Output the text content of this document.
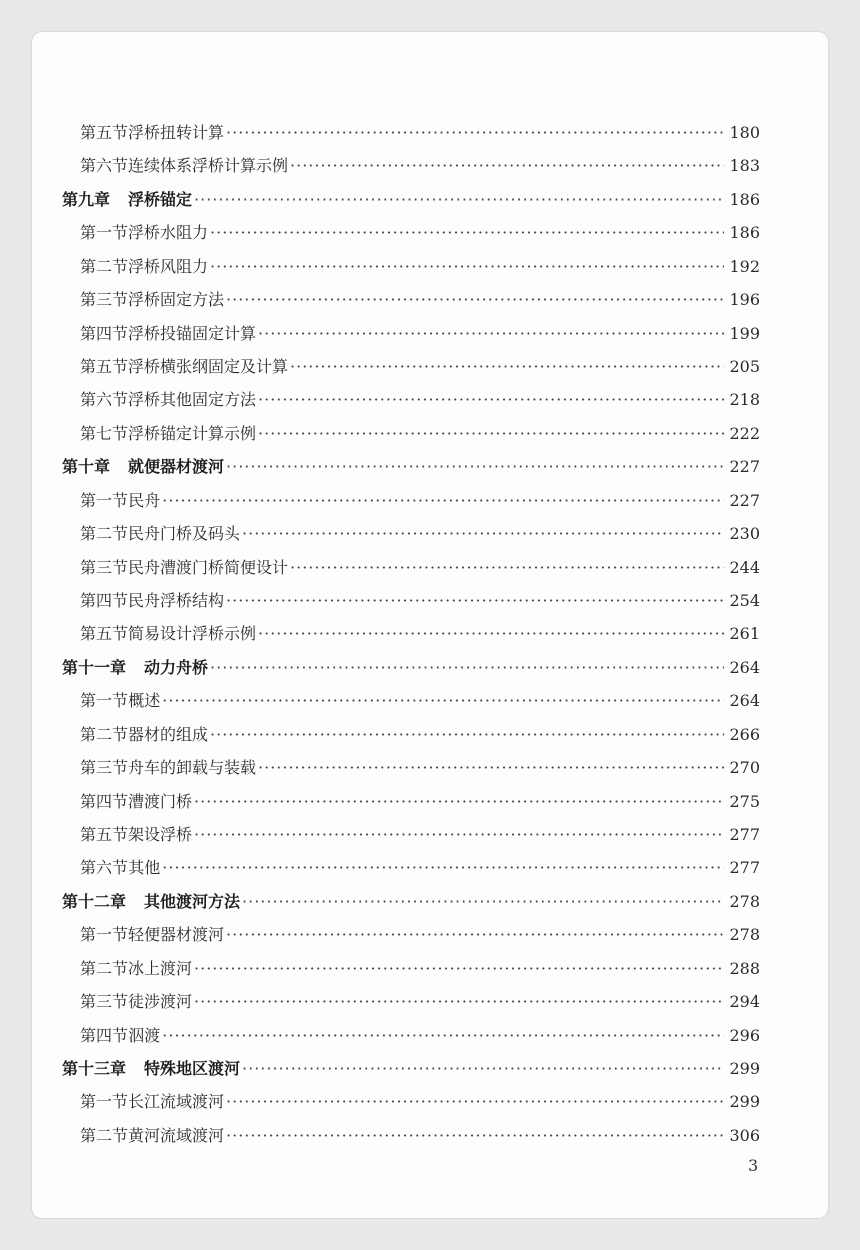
第五节 浮桥扭转计算 ·····	180
第六节 连续体系浮桥计算示例 ·····	183
第九章 浮桥锚定 ·····	186
第一节 浮桥水阻力 ·····	186
第二节 浮桥风阻力 ·····	192
第三节 浮桥固定方法 ·····	196
第四节 浮桥投锚固定计算 ·····	199
第五节 浮桥横张纲固定及计算 ·····	205
第六节 浮桥其他固定方法 ·····	218
第七节 浮桥锚定计算示例 ·····	222
第十章 就便器材渡河 ·····	227
第一节 民舟 ·····	227
第二节 民舟门桥及码头 ·····	230
第三节 民舟漕渡门桥简便设计 ·····	244
第四节 民舟浮桥结构 ·····	254
第五节 简易设计浮桥示例 ·····	261
第十一章 动力舟桥 ·····	264
第一节 概述 ·····	264
第二节 器材的组成 ·····	266
第三节 舟车的卸载与装载 ·····	270
第四节 漕渡门桥 ·····	275
第五节 架设浮桥 ·····	277
第六节 其他 ·····	277
第十二章 其他渡河方法 ·····	278
第一节 轻便器材渡河 ·····	278
第二节 冰上渡河 ·····	288
第三节 徒涉渡河 ·····	294
第四节 泅渡 ·····	296
第十三章 特殊地区渡河 ·····	299
第一节 长江流域渡河 ·····	299
第二节 黄河流域渡河 ·····	306
3
